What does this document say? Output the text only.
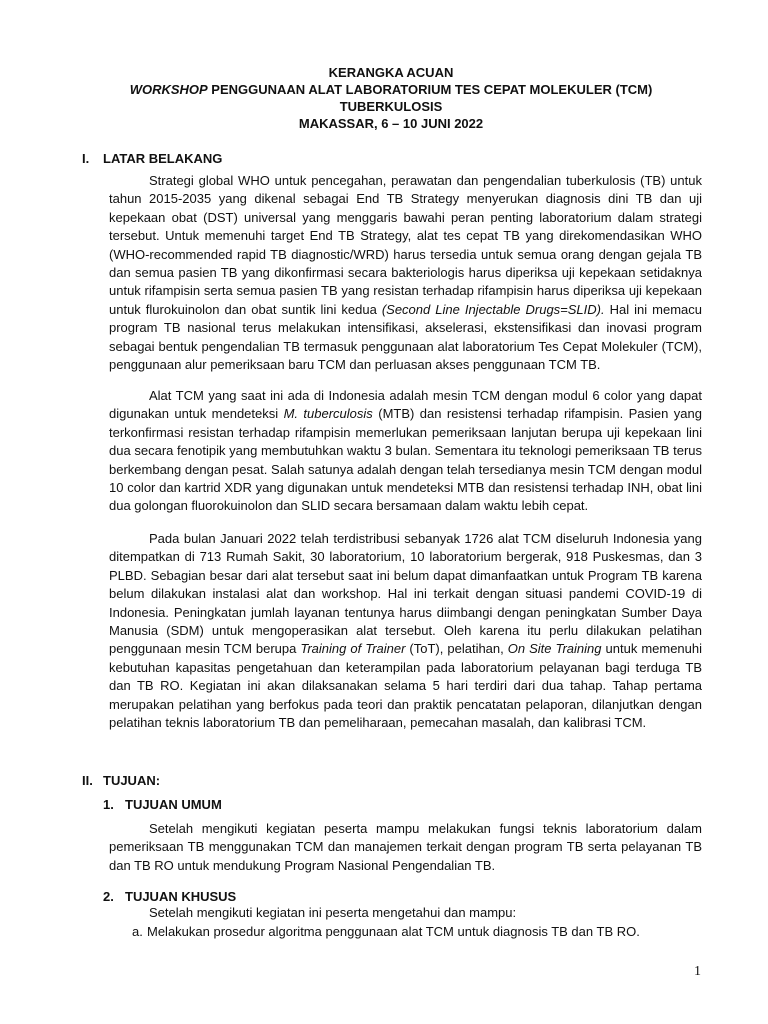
KERANGKA ACUAN
WORKSHOP PENGGUNAAN ALAT LABORATORIUM TES CEPAT MOLEKULER (TCM)
TUBERKULOSIS
MAKASSAR, 6 – 10 JUNI 2022
I. LATAR BELAKANG

Strategi global WHO untuk pencegahan, perawatan dan pengendalian tuberkulosis (TB) untuk tahun 2015-2035 yang dikenal sebagai End TB Strategy menyerukan diagnosis dini TB dan uji kepekaan obat (DST) universal yang menggaris bawahi peran penting laboratorium dalam strategi tersebut. Untuk memenuhi target End TB Strategy, alat tes cepat TB yang direkomendasikan WHO (WHO-recommended rapid TB diagnostic/WRD) harus tersedia untuk semua orang dengan gejala TB dan semua pasien TB yang dikonfirmasi secara bakteriologis harus diperiksa uji kepekaan setidaknya untuk rifampisin serta semua pasien TB yang resistan terhadap rifampisin harus diperiksa uji kepekaan untuk flurokuinolon dan obat suntik lini kedua (Second Line Injectable Drugs=SLID). Hal ini memacu program TB nasional terus melakukan intensifikasi, akselerasi, ekstensifikasi dan inovasi program sebagai bentuk pengendalian TB termasuk penggunaan alat laboratorium Tes Cepat Molekuler (TCM), penggunaan alur pemeriksaan baru TCM dan perluasan akses penggunaan TCM TB.

Alat TCM yang saat ini ada di Indonesia adalah mesin TCM dengan modul 6 color yang dapat digunakan untuk mendeteksi M. tuberculosis (MTB) dan resistensi terhadap rifampisin. Pasien yang terkonfirmasi resistan terhadap rifampisin memerlukan pemeriksaan lanjutan berupa uji kepekaan lini dua secara fenotipik yang membutuhkan waktu 3 bulan. Sementara itu teknologi pemeriksaan TB terus berkembang dengan pesat. Salah satunya adalah dengan telah tersedianya mesin TCM dengan modul 10 color dan kartrid XDR yang digunakan untuk mendeteksi MTB dan resistensi terhadap INH, obat lini dua golongan fluorokuinolon dan SLID secara bersamaan dalam waktu lebih cepat.

Pada bulan Januari 2022 telah terdistribusi sebanyak 1726 alat TCM diseluruh Indonesia yang ditempatkan di 713 Rumah Sakit, 30 laboratorium, 10 laboratorium bergerak, 918 Puskesmas, dan 3 PLBD. Sebagian besar dari alat tersebut saat ini belum dapat dimanfaatkan untuk Program TB karena belum dilakukan instalasi alat dan workshop. Hal ini terkait dengan situasi pandemi COVID-19 di Indonesia. Peningkatan jumlah layanan tentunya harus diimbangi dengan peningkatan Sumber Daya Manusia (SDM) untuk mengoperasikan alat tersebut. Oleh karena itu perlu dilakukan pelatihan penggunaan mesin TCM berupa Training of Trainer (ToT), pelatihan, On Site Training untuk memenuhi kebutuhan kapasitas pengetahuan dan keterampilan pada laboratorium pelayanan bagi terduga TB dan TB RO. Kegiatan ini akan dilaksanakan selama 5 hari terdiri dari dua tahap. Tahap pertama merupakan pelatihan yang berfokus pada teori dan praktik pencatatan pelaporan, dilanjutkan dengan pelatihan teknis laboratorium TB dan pemeliharaan, pemecahan masalah, dan kalibrasi TCM.

II. TUJUAN:
1. TUJUAN UMUM

Setelah mengikuti kegiatan peserta mampu melakukan fungsi teknis laboratorium dalam pemeriksaan TB menggunakan TCM dan manajemen terkait dengan program TB serta pelayanan TB dan TB RO untuk mendukung Program Nasional Pengendalian TB.

2. TUJUAN KHUSUS
Setelah mengikuti kegiatan ini peserta mengetahui dan mampu:
a. Melakukan prosedur algoritma penggunaan alat TCM untuk diagnosis TB dan TB RO.
1
